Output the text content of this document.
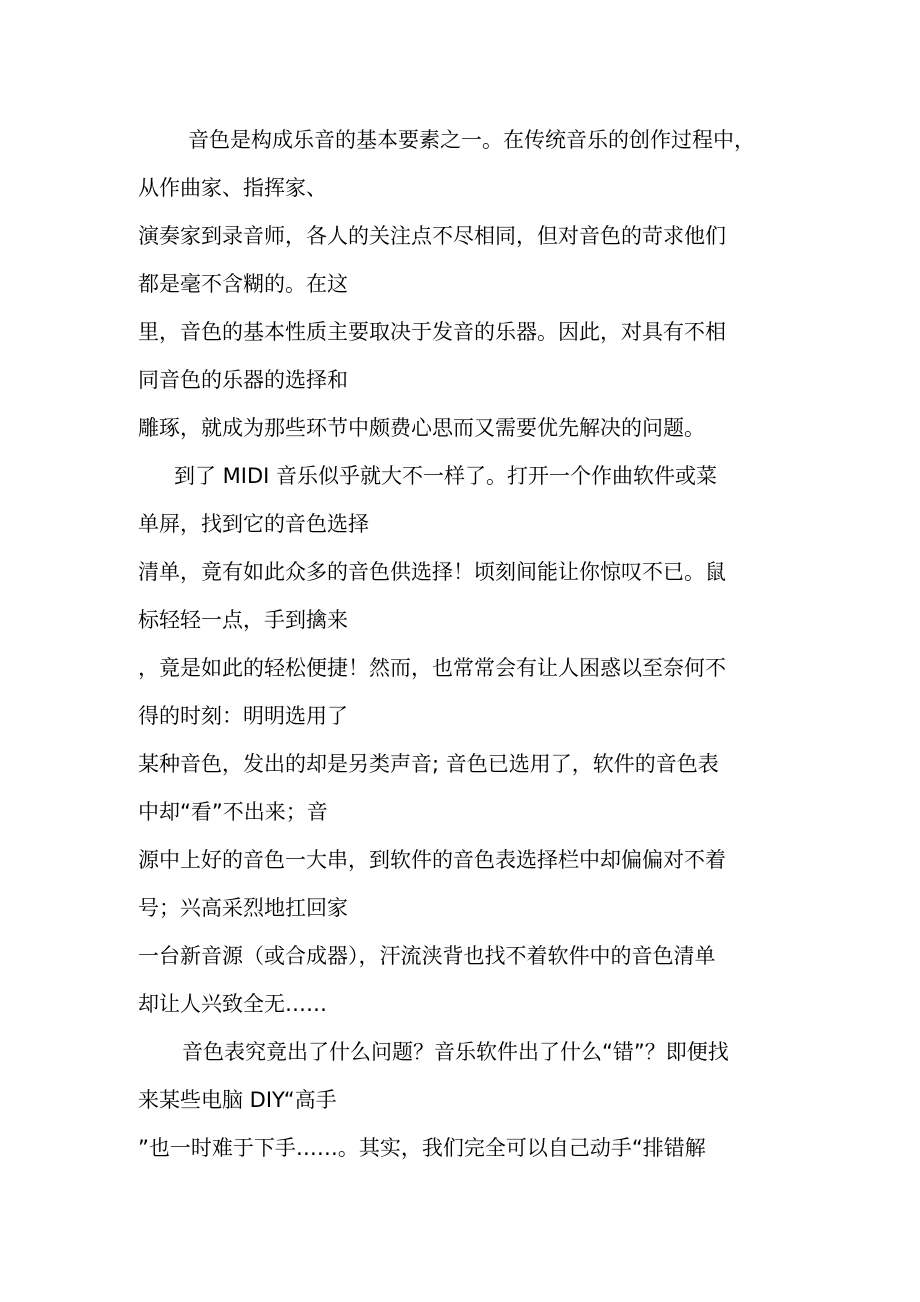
音色是构成乐音的基本要素之一。在传统音乐的创作过程中，
从作曲家、指挥家、
演奏家到录音师，各人的关注点不尽相同，但对音色的苛求他们
都是毫不含糊的。在这
里，音色的基本性质主要取决于发音的乐器。因此，对具有不相
同音色的乐器的选择和
雕琢，就成为那些环节中颇费心思而又需要优先解决的问题。
到了 MIDI 音乐似乎就大不一样了。打开一个作曲软件或菜
单屏，找到它的音色选择
清单，竟有如此众多的音色供选择！顷刻间能让你惊叹不已。鼠
标轻轻一点，手到擒来
，竟是如此的轻松便捷！然而，也常常会有让人困惑以至奈何不
得的时刻：明明选用了
某种音色，发出的却是另类声音; 音色已选用了，软件的音色表
中却“看”不出来；音
源中上好的音色一大串，到软件的音色表选择栏中却偏偏对不着
号；兴高采烈地扛回家
一台新音源（或合成器），汗流浃背也找不着软件中的音色清单
却让人兴致全无……
音色表究竟出了什么问题？音乐软件出了什么“错”？即便找
来某些电脑 DIY“高手
”也一时难于下手……。其实，我们完全可以自己动手“排错解
